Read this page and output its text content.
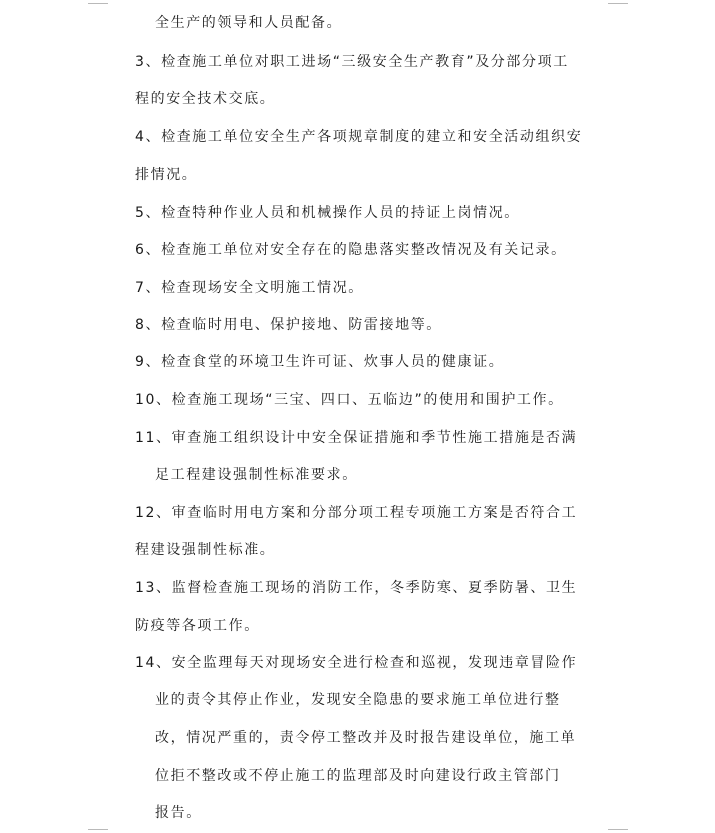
全生产的领导和人员配备。
3、检查施工单位对职工进场“三级安全生产教育”及分部分项工
程的安全技术交底。
4、检查施工单位安全生产各项规章制度的建立和安全活动组织安
排情况。
5、检查特种作业人员和机械操作人员的持证上岗情况。
6、检查施工单位对安全存在的隐患落实整改情况及有关记录。
7、检查现场安全文明施工情况。
8、检查临时用电、保护接地、防雷接地等。
9、检查食堂的环境卫生许可证、炊事人员的健康证。
10、检查施工现场“三宝、四口、五临边”的使用和围护工作。
11、审查施工组织设计中安全保证措施和季节性施工措施是否满
足工程建设强制性标准要求。
12、审查临时用电方案和分部分项工程专项施工方案是否符合工
程建设强制性标准。
13、监督检查施工现场的消防工作，冬季防寒、夏季防暑、卫生
防疫等各项工作。
14、安全监理每天对现场安全进行检查和巡视，发现违章冒险作
业的责令其停止作业，发现安全隐患的要求施工单位进行整
改，情况严重的，责令停工整改并及时报告建设单位，施工单
位拒不整改或不停止施工的监理部及时向建设行政主管部门
报告。
